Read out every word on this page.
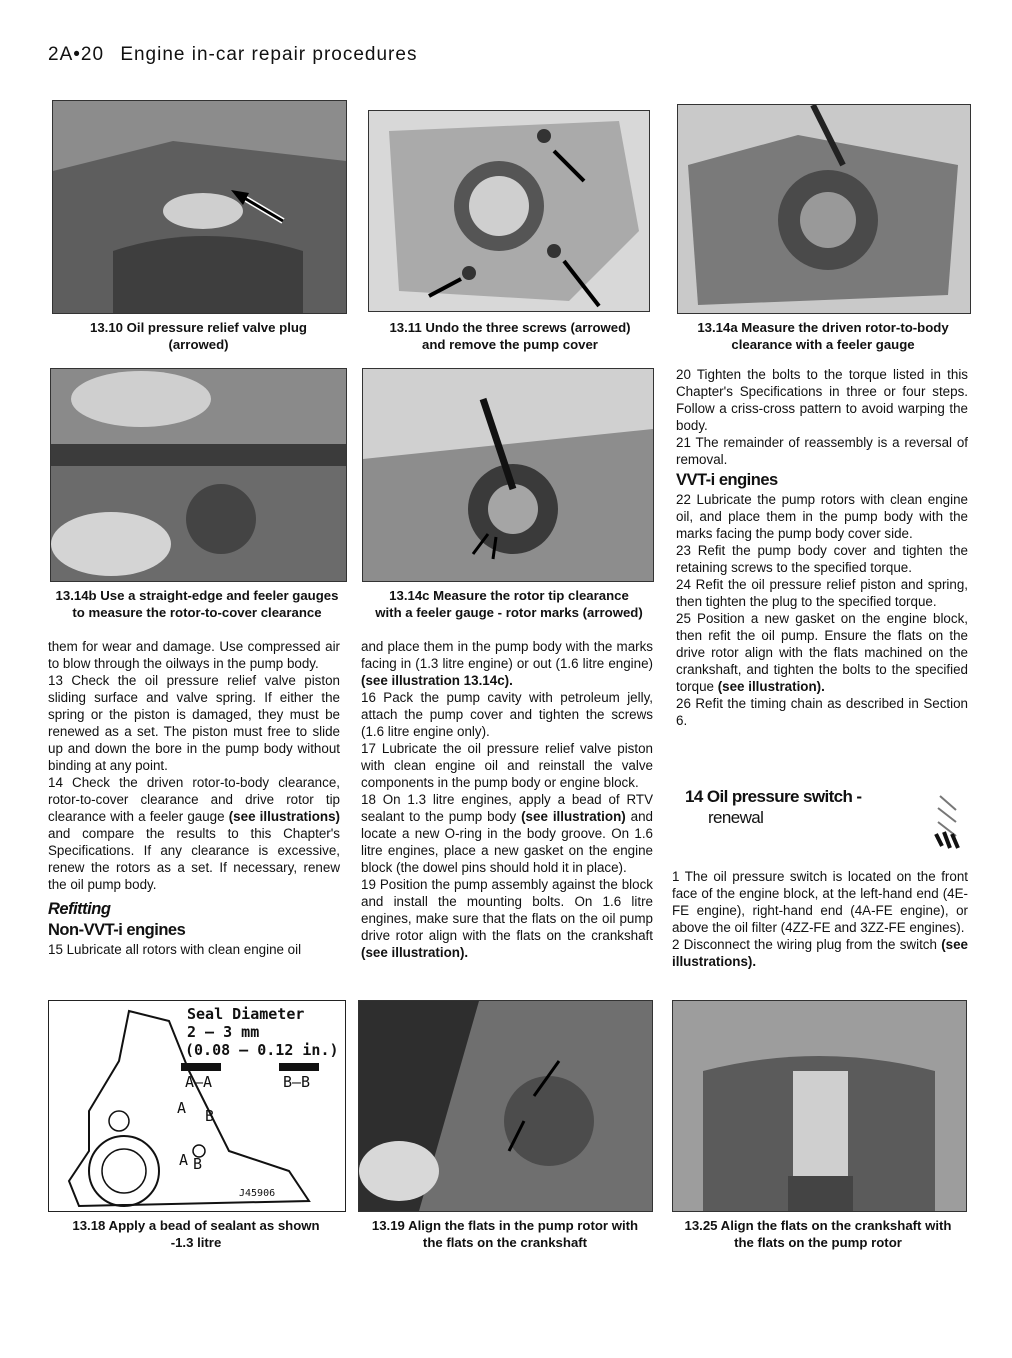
2A•20 Engine in-car repair procedures
13.10 Oil pressure relief valve plug
(arrowed)
13.11 Undo the three screws (arrowed)
and remove the pump cover
13.14a Measure the driven rotor-to-body
clearance with a feeler gauge
13.14b Use a straight-edge and feeler gauges
to measure the rotor-to-cover clearance
13.14c Measure the rotor tip clearance
with a feeler gauge - rotor marks (arrowed)

20 Tighten the bolts to the torque listed in this Chapter's Specifications in three or four steps. Follow a criss-cross pattern to avoid warping the body.

21 The remainder of reassembly is a reversal of removal.

VVT-i engines

22 Lubricate the pump rotors with clean engine oil, and place them in the pump body with the marks facing the pump body cover side.

23 Refit the pump body cover and tighten the retaining screws to the specified torque.

24 Refit the oil pressure relief piston and spring, then tighten the plug to the specified torque.

25 Position a new gasket on the engine block, then refit the oil pump. Ensure the flats on the drive rotor align with the flats machined on the crankshaft, and tighten the bolts to the specified torque (see illustration).

26 Refit the timing chain as described in Section 6.

14 Oil pressure switch -
renewal

1 The oil pressure switch is located on the front face of the engine block, at the left-hand end (4E-FE engine), right-hand end (4A-FE engine), or above the oil filter (4ZZ-FE and 3ZZ-FE engines).

2 Disconnect the wiring plug from the switch (see illustrations).

them for wear and damage. Use compressed air to blow through the oilways in the pump body.

13 Check the oil pressure relief valve piston sliding surface and valve spring. If either the spring or the piston is damaged, they must be renewed as a set. The piston must free to slide up and down the bore in the pump body without binding at any point.

14 Check the driven rotor-to-body clearance, rotor-to-cover clearance and drive rotor tip clearance with a feeler gauge (see illustrations) and compare the results to this Chapter's Specifications. If any clearance is excessive, renew the rotors as a set. If necessary, renew the oil pump body.

Refitting
Non-VVT-i engines

15 Lubricate all rotors with clean engine oil

and place them in the pump body with the marks facing in (1.3 litre engine) or out (1.6 litre engine) (see illustration 13.14c).

16 Pack the pump cavity with petroleum jelly, attach the pump cover and tighten the screws (1.6 litre engine only).

17 Lubricate the oil pressure relief valve piston with clean engine oil and reinstall the valve components in the pump body or engine block.

18 On 1.3 litre engines, apply a bead of RTV sealant to the pump body (see illustration) and locate a new O-ring in the body groove. On 1.6 litre engines, place a new gasket on the engine block (the dowel pins should hold it in place).

19 Position the pump assembly against the block and install the mounting bolts. On 1.6 litre engines, make sure that the flats on the oil pump drive rotor align with the flats on the crankshaft (see illustration).

Seal Diameter
2 — 3 mm
(0.08 — 0.12 in.)
A—A	B—B
A B
A B
J45906
13.18 Apply a bead of sealant as shown
-1.3 litre
13.19 Align the flats in the pump rotor with
the flats on the crankshaft
13.25 Align the flats on the crankshaft with
the flats on the pump rotor
